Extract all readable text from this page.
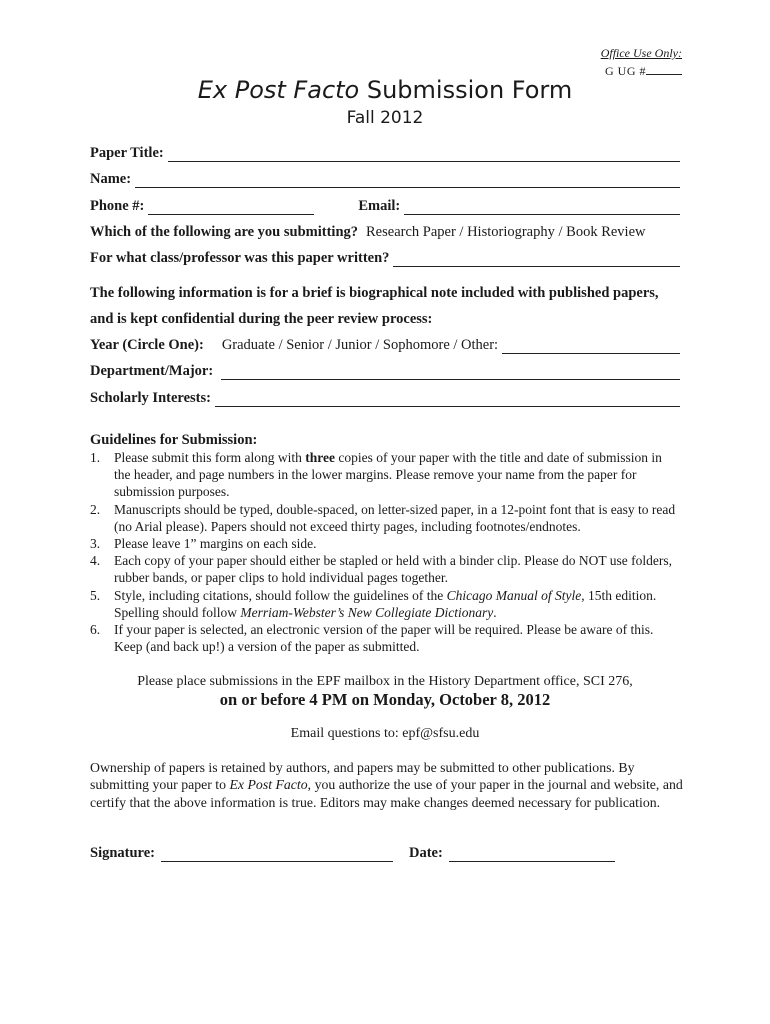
Office Use Only:
G UG #
Ex Post Facto Submission Form
Fall 2012
Paper Title:
Name:
Phone #:	Email:
Which of the following are you submitting? Research Paper / Historiography / Book Review
For what class/professor was this paper written?
The following information is for a brief is biographical note included with published papers,
and is kept confidential during the peer review process:
Year (Circle One): Graduate / Senior / Junior / Sophomore / Other:
Department/Major:
Scholarly Interests:
Guidelines for Submission:
1. Please submit this form along with three copies of your paper with the title and date of submission in the header, and page numbers in the lower margins. Please remove your name from the paper for submission purposes.
2. Manuscripts should be typed, double-spaced, on letter-sized paper, in a 12-point font that is easy to read (no Arial please). Papers should not exceed thirty pages, including footnotes/endnotes.
3. Please leave 1” margins on each side.
4. Each copy of your paper should either be stapled or held with a binder clip. Please do NOT use folders, rubber bands, or paper clips to hold individual pages together.
5. Style, including citations, should follow the guidelines of the Chicago Manual of Style, 15th edition. Spelling should follow Merriam-Webster’s New Collegiate Dictionary.
6. If your paper is selected, an electronic version of the paper will be required. Please be aware of this. Keep (and back up!) a version of the paper as submitted.
Please place submissions in the EPF mailbox in the History Department office, SCI 276,
on or before 4 PM on Monday, October 8, 2012
Email questions to: epf@sfsu.edu
Ownership of papers is retained by authors, and papers may be submitted to other publications. By submitting your paper to Ex Post Facto, you authorize the use of your paper in the journal and website, and certify that the above information is true. Editors may make changes deemed necessary for publication.
Signature:	Date:
